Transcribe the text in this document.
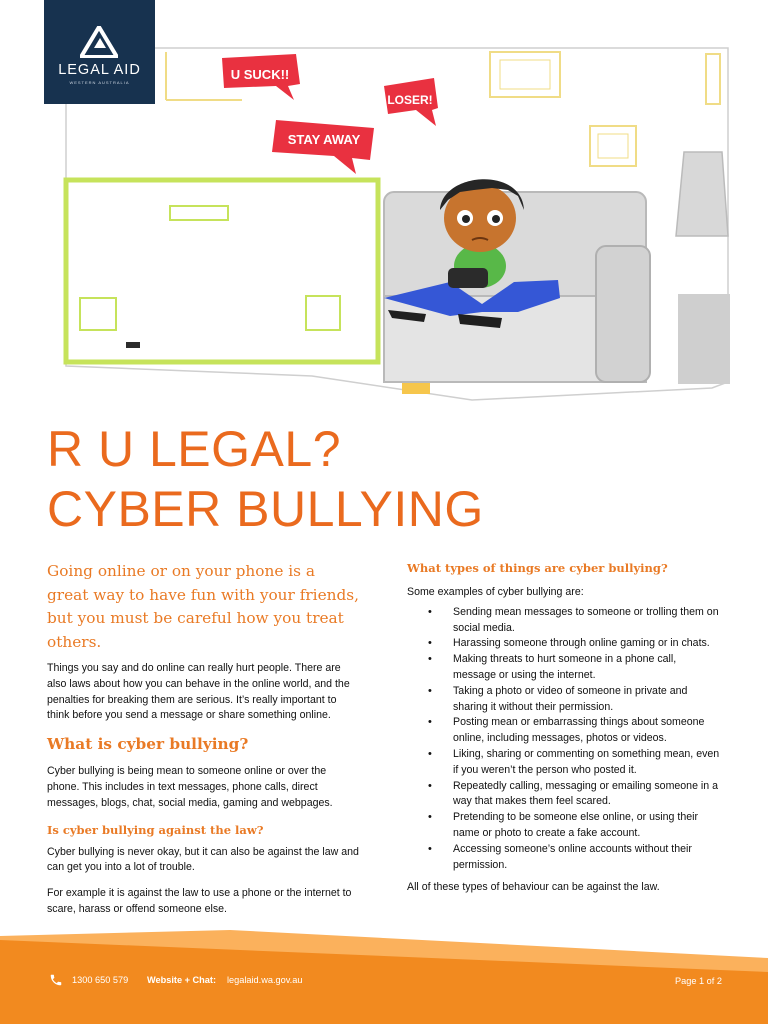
LEGAL AID
WESTERN AUSTRALIA
U SUCK!!
LOSER!
STAY AWAY
R U LEGAL?
CYBER BULLYING

Going online or on your phone is a great way to have fun with your friends, but you must be careful how you treat others.

Things you say and do online can really hurt people. There are also laws about how you can behave in the online world, and the penalties for breaking them are serious. It’s really important to think before you send a message or share something online.

What is cyber bullying?

Cyber bullying is being mean to someone online or over the phone. This includes in text messages, phone calls, direct messages, blogs, chat, social media, gaming and webpages.

Is cyber bullying against the law?

Cyber bullying is never okay, but it can also be against the law and can get you into a lot of trouble.

For example it is against the law to use a phone or the internet to scare, harass or offend someone else.

What types of things are cyber bullying?

Some examples of cyber bullying are:

• Sending mean messages to someone or trolling them on social media.
• Harassing someone through online gaming or in chats.
• Making threats to hurt someone in a phone call, message or using the internet.
• Taking a photo or video of someone in private and sharing it without their permission.
• Posting mean or embarrassing things about someone online, including messages, photos or videos.
• Liking, sharing or commenting on something mean, even if you weren’t the person who posted it.
• Repeatedly calling, messaging or emailing someone in a way that makes them feel scared.
• Pretending to be someone else online, or using their name or photo to create a fake account.
• Accessing someone’s online accounts without their permission.

All of these types of behaviour can be against the law.

1300 650 579 Website + Chat: legalaid.wa.gov.au	Page 1 of 2
